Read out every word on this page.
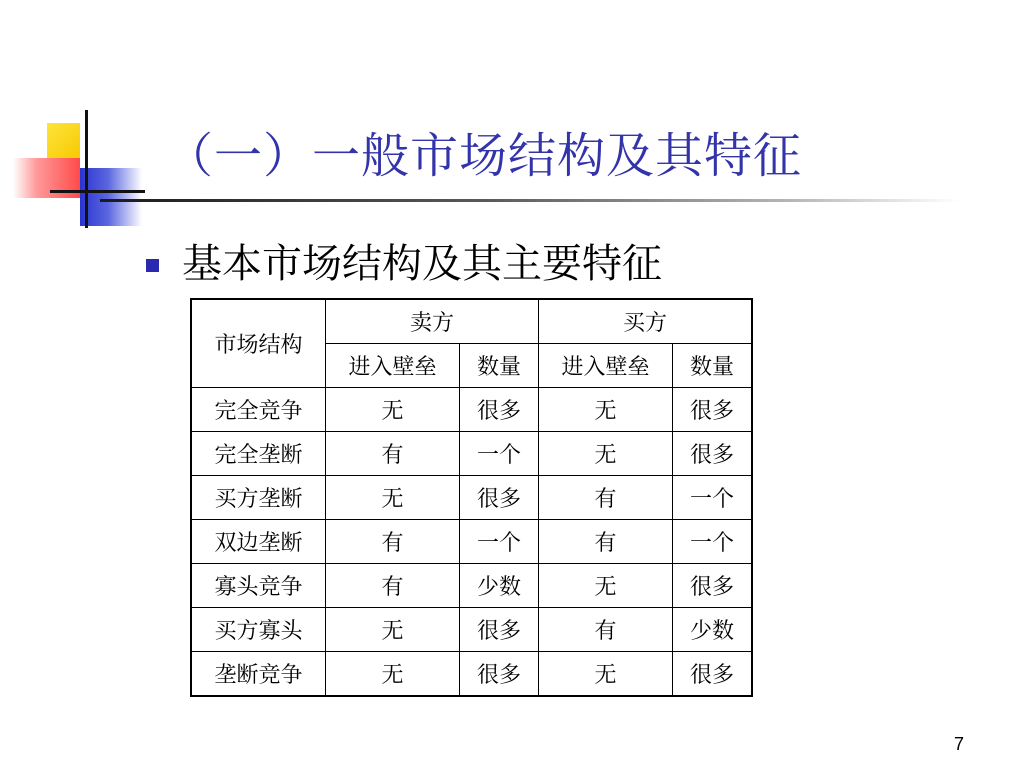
（一）一般市场结构及其特征
基本市场结构及其主要特征
市场结构	卖方		买方	
	进入壁垒	数量	进入壁垒	数量
完全竞争	无	很多	无	很多
完全垄断	有	一个	无	很多
买方垄断	无	很多	有	一个
双边垄断	有	一个	有	一个
寡头竞争	有	少数	无	很多
买方寡头	无	很多	有	少数
垄断竞争	无	很多	无	很多
7
